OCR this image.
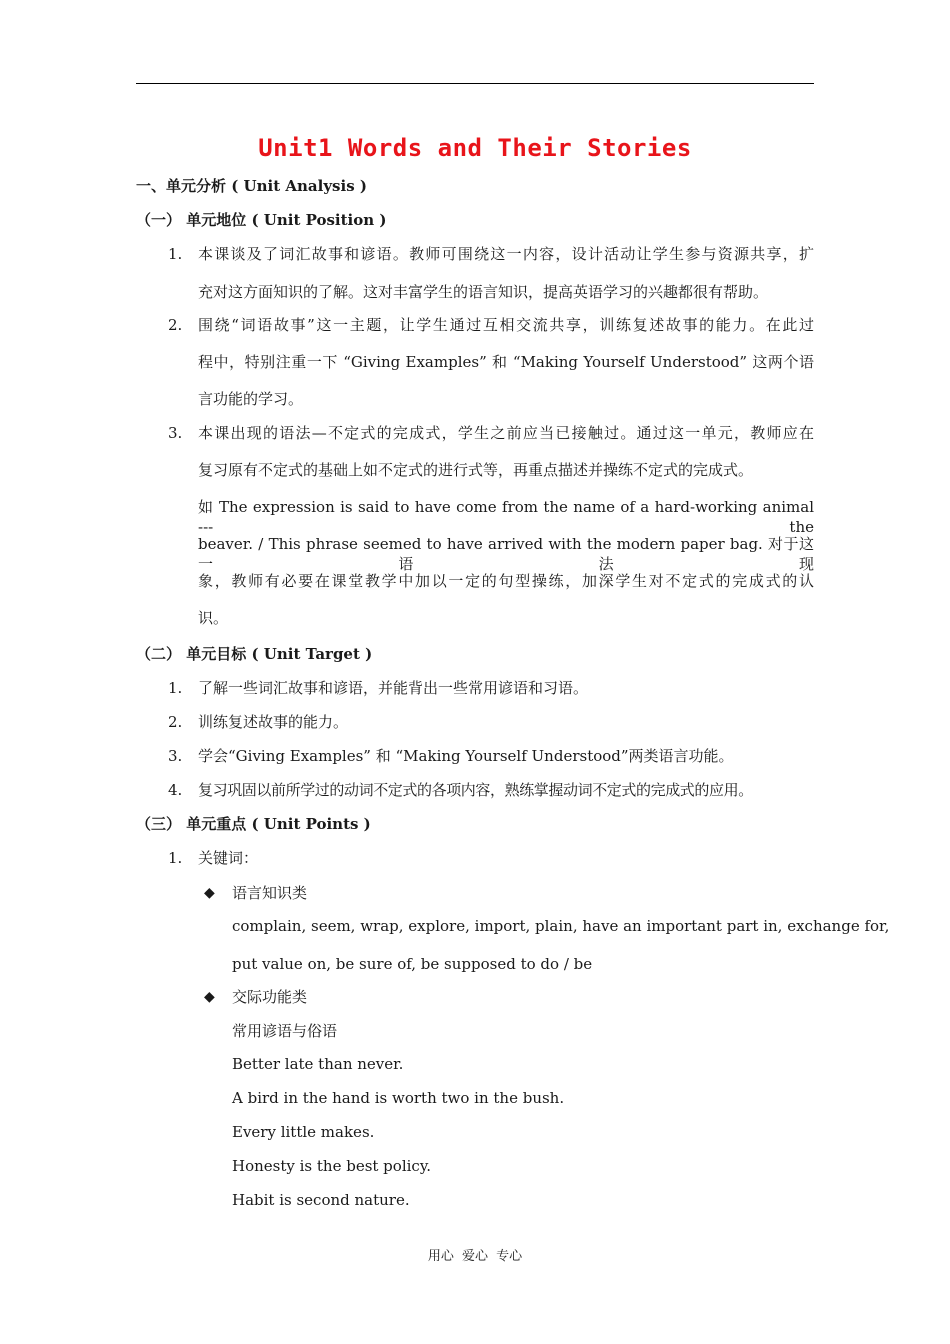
Unit1 Words and Their Stories
一、单元分析 ( Unit Analysis )
（一） 单元地位 ( Unit Position )
1. 本课谈及了词汇故事和谚语。教师可围绕这一内容，设计活动让学生参与资源共享，扩
充对这方面知识的了解。这对丰富学生的语言知识，提高英语学习的兴趣都很有帮助。
2. 围绕“词语故事”这一主题，让学生通过互相交流共享，训练复述故事的能力。在此过
程中，特别注重一下 “Giving Examples” 和 “Making Yourself Understood” 这两个语
言功能的学习。
3. 本课出现的语法—不定式的完成式，学生之前应当已接触过。通过这一单元，教师应在
复习原有不定式的基础上如不定式的进行式等，再重点描述并操练不定式的完成式。
如 The expression is said to have come from the name of a hard-working animal --- the
beaver. / This phrase seemed to have arrived with the modern paper bag. 对于这一语法现
象，教师有必要在课堂教学中加以一定的句型操练，加深学生对不定式的完成式的认
识。
（二） 单元目标 ( Unit Target )
1. 了解一些词汇故事和谚语，并能背出一些常用谚语和习语。
2. 训练复述故事的能力。
3. 学会“Giving Examples” 和 “Making Yourself Understood”两类语言功能。
4. 复习巩固以前所学过的动词不定式的各项内容，熟练掌握动词不定式的完成式的应用。
（三） 单元重点 ( Unit Points )
1. 关键词：
◆ 语言知识类
complain, seem, wrap, explore, import, plain, have an important part in, exchange for,
put value on, be sure of, be supposed to do / be
◆ 交际功能类
常用谚语与俗语
Better late than never.
A bird in the hand is worth two in the bush.
Every little makes.
Honesty is the best policy.
Habit is second nature.
用心 爱心 专心
